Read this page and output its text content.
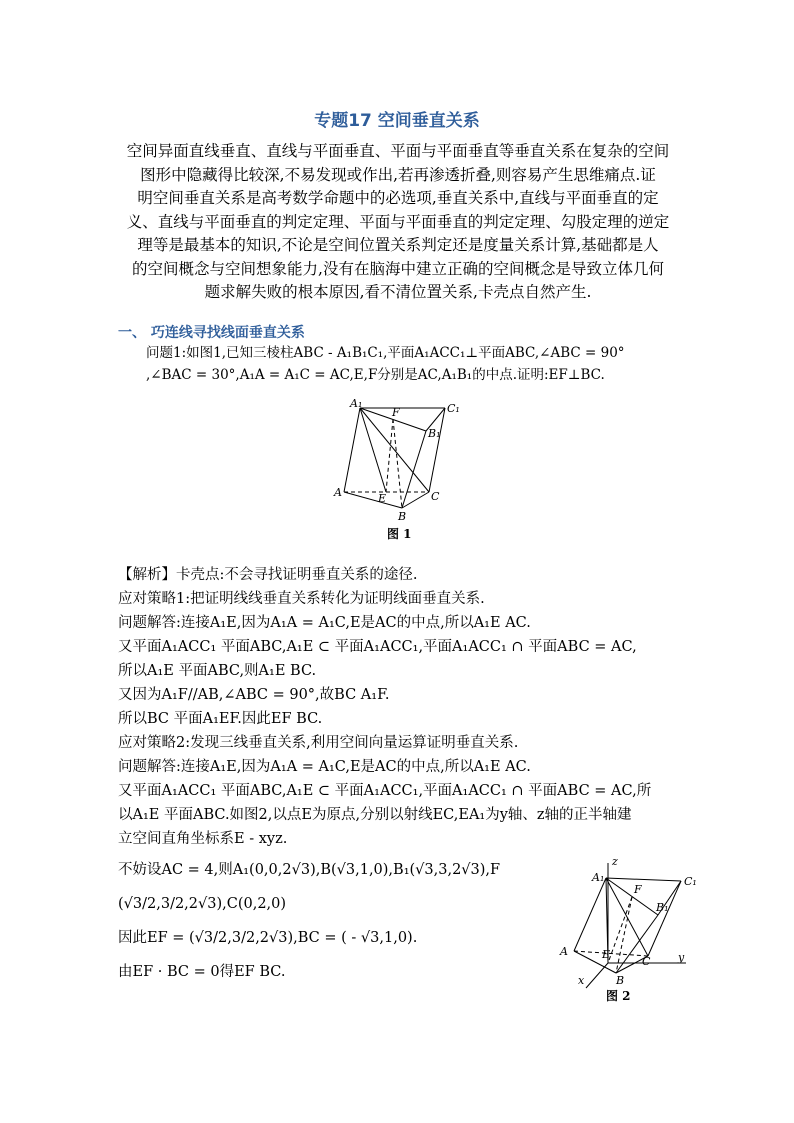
专题17 空间垂直关系

空间异面直线垂直、直线与平面垂直、平面与平面垂直等垂直关系在复杂的空间

图形中隐藏得比较深,不易发现或作出,若再渗透折叠,则容易产生思维痛点.证

明空间垂直关系是高考数学命题中的必选项,垂直关系中,直线与平面垂直的定

义、直线与平面垂直的判定定理、平面与平面垂直的判定定理、勾股定理的逆定

理等是最基本的知识,不论是空间位置关系判定还是度量关系计算,基础都是人

的空间概念与空间想象能力,没有在脑海中建立正确的空间概念是导致立体几何

题求解失败的根本原因,看不清位置关系,卡壳点自然产生.

一、 巧连线寻找线面垂直关系

问题1:如图1,已知三棱柱ABC - A₁B₁C₁,平面A₁ACC₁⊥平面ABC,∠ABC = 90°

,∠BAC = 30°,A₁A = A₁C = AC,E,F分别是AC,A₁B₁的中点.证明:EF⊥BC.

A₁
F	C₁
B₁
A	E	C
B
图 1

【解析】卡壳点:不会寻找证明垂直关系的途径.

应对策略1:把证明线线垂直关系转化为证明线面垂直关系.

问题解答:连接A₁E,因为A₁A = A₁C,E是AC的中点,所以A₁E AC.

又平面A₁ACC₁ 平面ABC,A₁E ⊂ 平面A₁ACC₁,平面A₁ACC₁ ∩ 平面ABC = AC,

所以A₁E 平面ABC,则A₁E BC.

又因为A₁F//AB,∠ABC = 90°,故BC A₁F.

所以BC 平面A₁EF.因此EF BC.

应对策略2:发现三线垂直关系,利用空间向量运算证明垂直关系.

问题解答:连接A₁E,因为A₁A = A₁C,E是AC的中点,所以A₁E AC.

又平面A₁ACC₁ 平面ABC,A₁E ⊂ 平面A₁ACC₁,平面A₁ACC₁ ∩ 平面ABC = AC,所

以A₁E 平面ABC.如图2,以点E为原点,分别以射线EC,EA₁为y轴、z轴的正半轴建

立空间直角坐标系E - xyz.

不妨设AC = 4,则A₁(0,0,2√3),B(√3,1,0),B₁(√3,3,2√3),F

(√3/2,3/2,2√3),C(0,2,0)

因此EF = (√3/2,3/2,2√3),BC = ( - √3,1,0).

由EF · BC = 0得EF BC.

z
A₁
F
C₁
B₁
A	E
C	y
B
x
图 2
